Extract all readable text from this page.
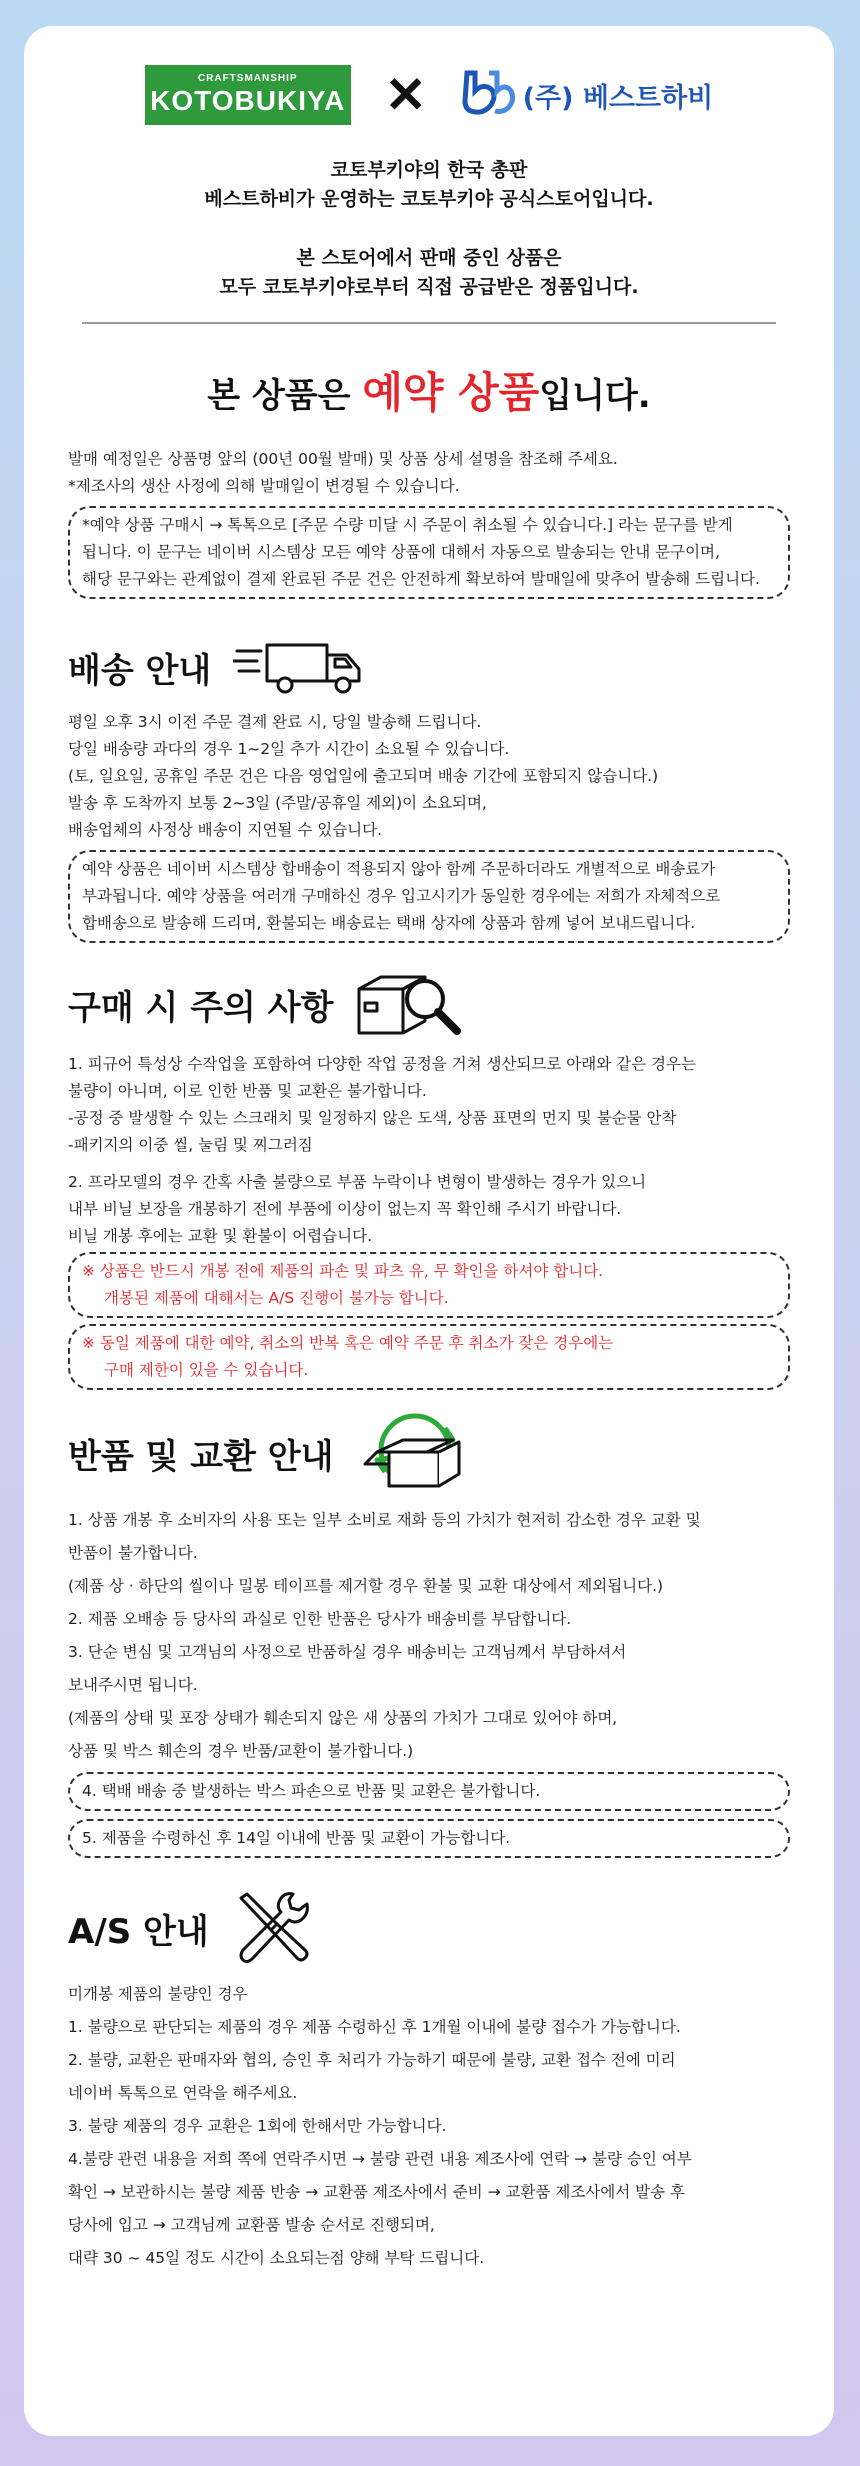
CRAFTSMANSHIP
KOTOBUKIYA ✕	(주) 베스트하비

코토부키야의 한국 총판

베스트하비가 운영하는 코토부키야 공식스토어입니다.

본 스토어에서 판매 중인 상품은

모두 코토부키야로부터 직접 공급받은 정품입니다.

본 상품은 예약 상품입니다.

발매 예정일은 상품명 앞의 (00년 00월 발매) 및 상품 상세 설명을 참조해 주세요.

*제조사의 생산 사정에 의해 발매일이 변경될 수 있습니다.

*예약 상품 구매시 → 톡톡으로 [주문 수량 미달 시 주문이 취소될 수 있습니다.] 라는 문구를 받게

됩니다. 이 문구는 네이버 시스템상 모든 예약 상품에 대해서 자동으로 발송되는 안내 문구이며,

해당 문구와는 관계없이 결제 완료된 주문 건은 안전하게 확보하여 발매일에 맞추어 발송해 드립니다.

배송 안내

평일 오후 3시 이전 주문 결제 완료 시, 당일 발송해 드립니다.

당일 배송량 과다의 경우 1~2일 추가 시간이 소요될 수 있습니다.

(토, 일요일, 공휴일 주문 건은 다음 영업일에 출고되며 배송 기간에 포함되지 않습니다.)

발송 후 도착까지 보통 2~3일 (주말/공휴일 제외)이 소요되며,

배송업체의 사정상 배송이 지연될 수 있습니다.

예약 상품은 네이버 시스템상 합배송이 적용되지 않아 함께 주문하더라도 개별적으로 배송료가

부과됩니다. 예약 상품을 여러개 구매하신 경우 입고시기가 동일한 경우에는 저희가 자체적으로

합배송으로 발송해 드리며, 환불되는 배송료는 택배 상자에 상품과 함께 넣어 보내드립니다.

구매 시 주의 사항

1. 피규어 특성상 수작업을 포함하여 다양한 작업 공정을 거쳐 생산되므로 아래와 같은 경우는

불량이 아니며, 이로 인한 반품 및 교환은 불가합니다.

-공정 중 발생할 수 있는 스크래치 및 일정하지 않은 도색, 상품 표면의 먼지 및 불순물 안착

-패키지의 이중 씰, 눌림 및 찌그러짐

2. 프라모델의 경우 간혹 사출 불량으로 부품 누락이나 변형이 발생하는 경우가 있으니

내부 비닐 보장을 개봉하기 전에 부품에 이상이 없는지 꼭 확인해 주시기 바랍니다.

비닐 개봉 후에는 교환 및 환불이 어렵습니다.

※ 상품은 반드시 개봉 전에 제품의 파손 및 파츠 유, 무 확인을 하셔야 합니다.

개봉된 제품에 대해서는 A/S 진행이 불가능 합니다.

※ 동일 제품에 대한 예약, 취소의 반복 혹은 예약 주문 후 취소가 잦은 경우에는

구매 제한이 있을 수 있습니다.

반품 및 교환 안내

1. 상품 개봉 후 소비자의 사용 또는 일부 소비로 재화 등의 가치가 현저히 감소한 경우 교환 및

반품이 불가합니다.

(제품 상 · 하단의 씰이나 밀봉 테이프를 제거할 경우 환불 및 교환 대상에서 제외됩니다.)

2. 제품 오배송 등 당사의 과실로 인한 반품은 당사가 배송비를 부담합니다.

3. 단순 변심 및 고객님의 사정으로 반품하실 경우 배송비는 고객님께서 부담하셔서

보내주시면 됩니다.

(제품의 상태 및 포장 상태가 훼손되지 않은 새 상품의 가치가 그대로 있어야 하며,

상품 및 박스 훼손의 경우 반품/교환이 불가합니다.)

4. 택배 배송 중 발생하는 박스 파손으로 반품 및 교환은 불가합니다.

5. 제품을 수령하신 후 14일 이내에 반품 및 교환이 가능합니다.

A/S 안내

미개봉 제품의 불량인 경우

1. 불량으로 판단되는 제품의 경우 제품 수령하신 후 1개월 이내에 불량 접수가 가능합니다.

2. 불량, 교환은 판매자와 협의, 승인 후 처리가 가능하기 때문에 불량, 교환 접수 전에 미리

네이버 톡톡으로 연락을 해주세요.

3. 불량 제품의 경우 교환은 1회에 한해서만 가능합니다.

4.불량 관련 내용을 저희 쪽에 연락주시면 → 불량 관련 내용 제조사에 연락 → 불량 승인 여부

확인 → 보관하시는 불량 제품 반송 → 교환품 제조사에서 준비 → 교환품 제조사에서 발송 후

당사에 입고 → 고객님께 교환품 발송 순서로 진행되며,

대략 30 ~ 45일 정도 시간이 소요되는점 양해 부탁 드립니다.
